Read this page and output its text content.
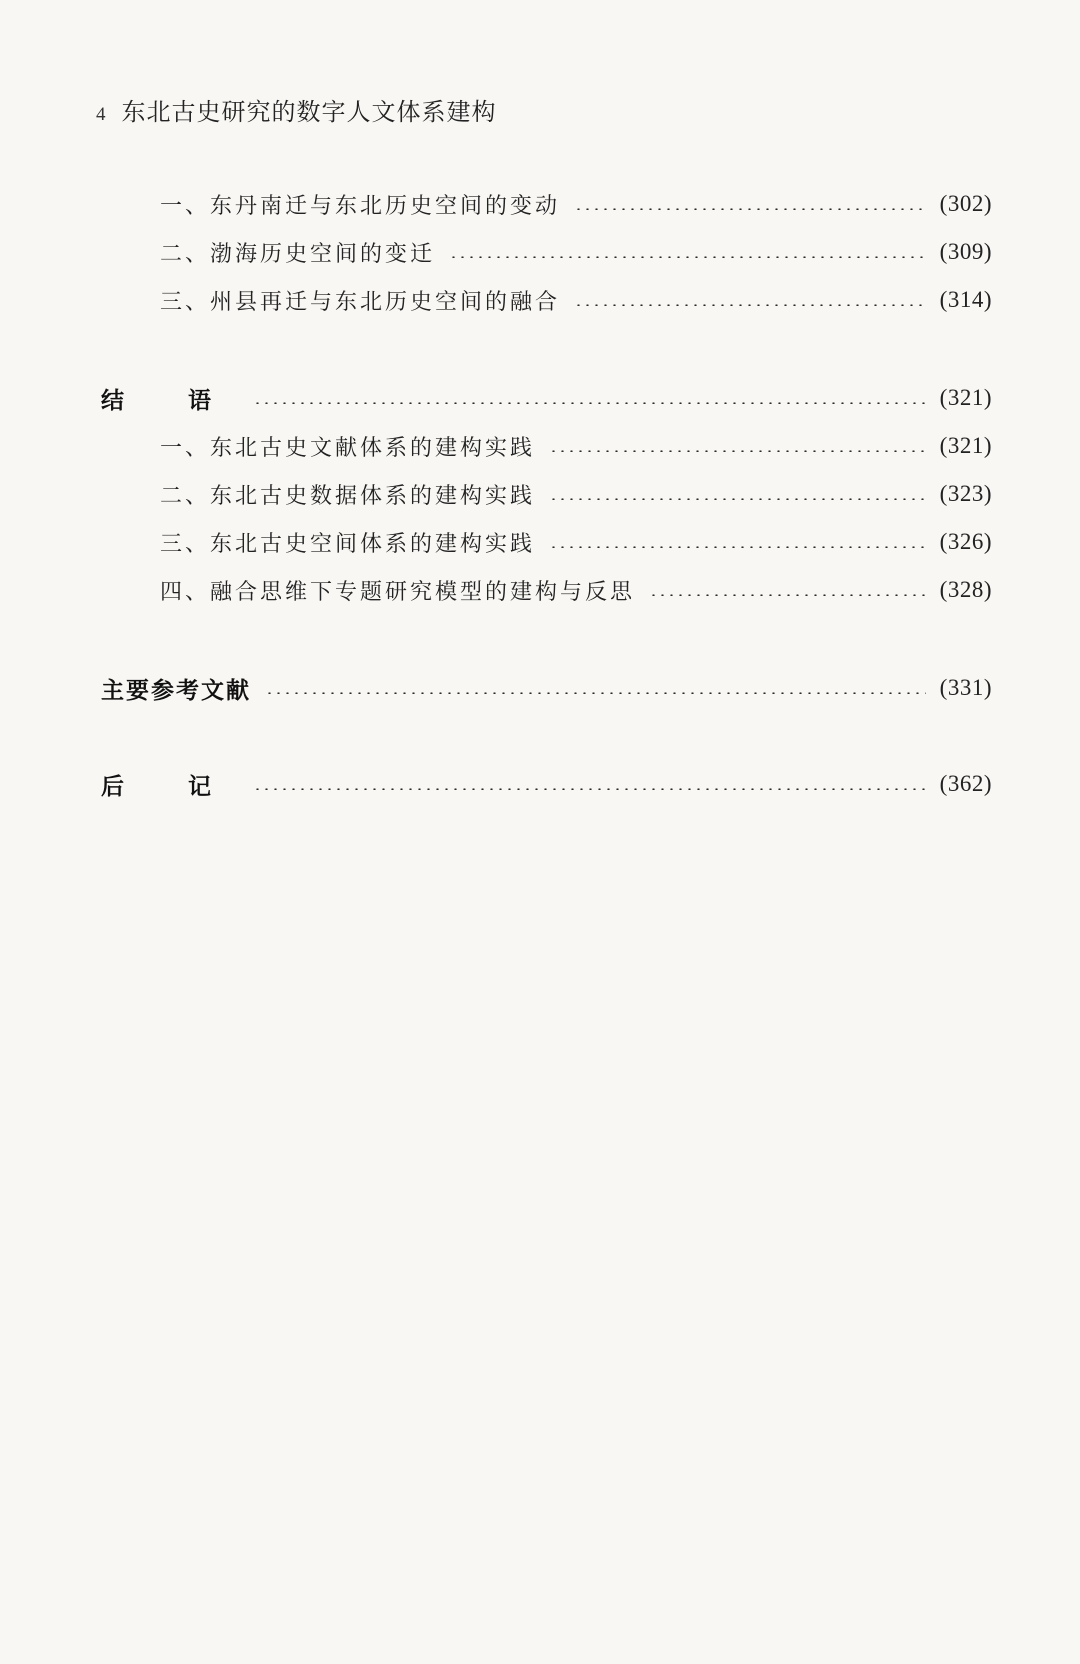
4 东北古史研究的数字人文体系建构
一、东丹南迁与东北历史空间的变动	(302)
二、渤海历史空间的变迁	(309)
三、州县再迁与东北历史空间的融合	(314)
结 语	(321)
一、东北古史文献体系的建构实践	(321)
二、东北古史数据体系的建构实践	(323)
三、东北古史空间体系的建构实践	(326)
四、融合思维下专题研究模型的建构与反思	(328)
主要参考文献	(331)
后 记	(362)
